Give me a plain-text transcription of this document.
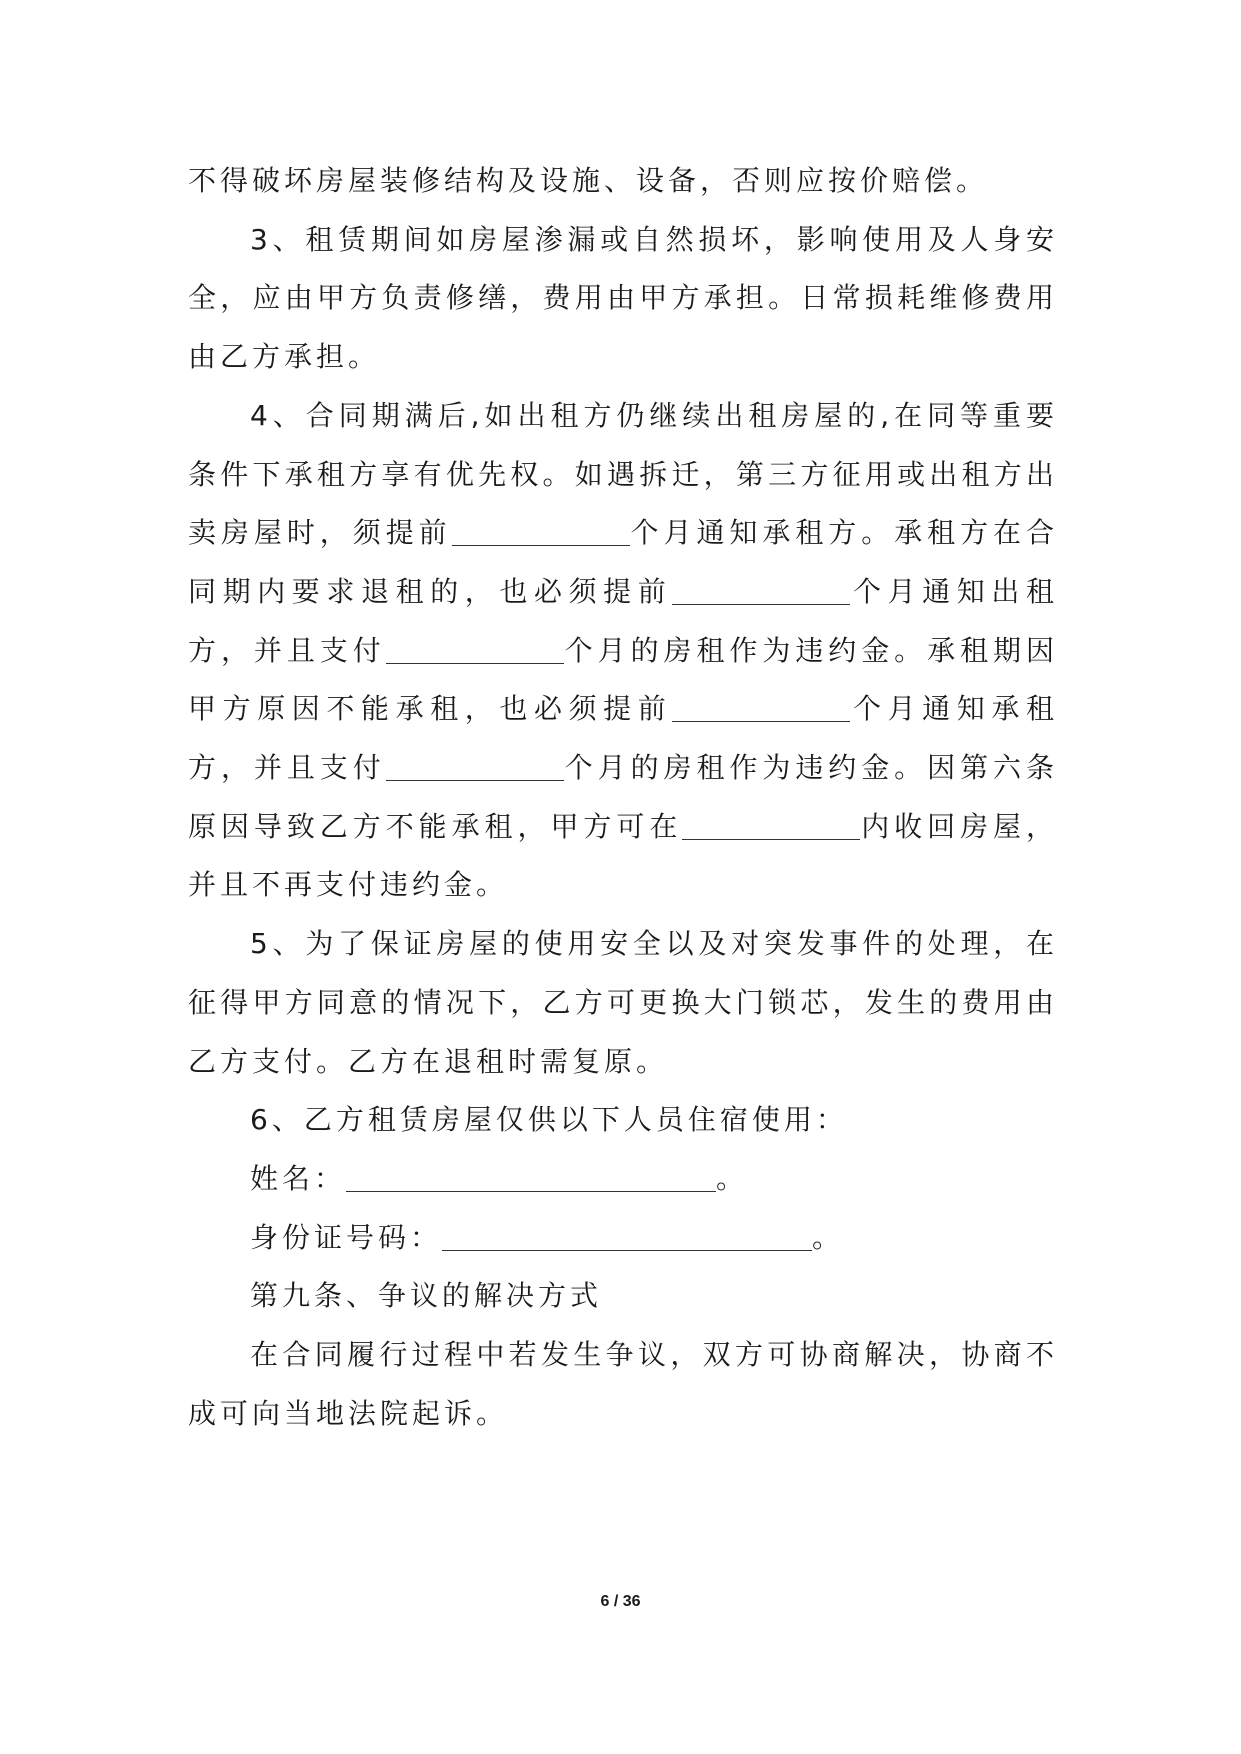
不得破坏房屋装修结构及设施、设备，否则应按价赔偿。

3、租赁期间如房屋渗漏或自然损坏，影响使用及人身安全，应由甲方负责修缮，费用由甲方承担。日常损耗维修费用由乙方承担。

4、合同期满后,如出租方仍继续出租房屋的,在同等重要条件下承租方享有优先权。如遇拆迁，第三方征用或出租方出卖房屋时，须提前	个月通知承租方。承租方在合同期内要求退租的，也必须提前	个月通知出租方，并且支付	个月的房租作为违约金。承租期因甲方原因不能承租，也必须提前	个月通知承租方，并且支付	个月的房租作为违约金。因第六条原因导致乙方不能承租，甲方可在	内收回房屋，并且不再支付违约金。

5、为了保证房屋的使用安全以及对突发事件的处理，在征得甲方同意的情况下，乙方可更换大门锁芯，发生的费用由乙方支付。乙方在退租时需复原。

6、乙方租赁房屋仅供以下人员住宿使用：

姓名：	。

身份证号码：	。

第九条、争议的解决方式

在合同履行过程中若发生争议，双方可协商解决，协商不成可向当地法院起诉。

6 / 36
